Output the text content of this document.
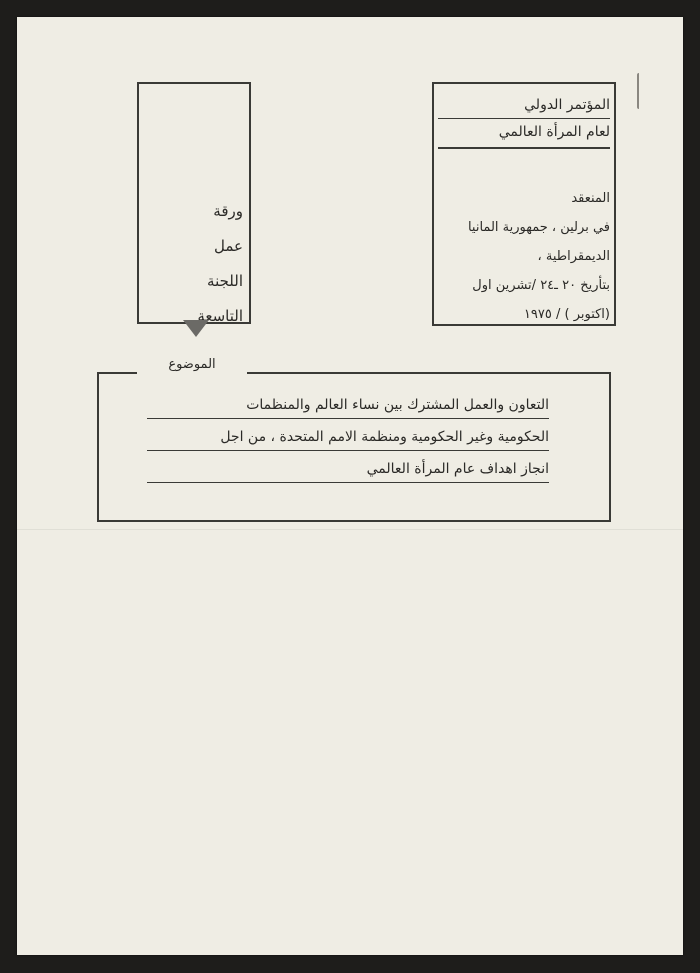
ورقة
عمل
اللجنة
التاسعة
المؤتمر الدولي
لعام المرأة العالمي
المنعقد
في برلين ، جمهورية المانيا
الديمقراطية ،
بتأريخ ٢٠ ـ٢٤ /تشرين اول
(اكتوبر ) / ١٩٧٥
الموضوع
التعاون والعمل المشترك بين نساء العالم والمنظمات
الحكومية وغير الحكومية ومنظمة الامم المتحدة ، من اجل
انجاز اهداف عام المرأة العالمي
